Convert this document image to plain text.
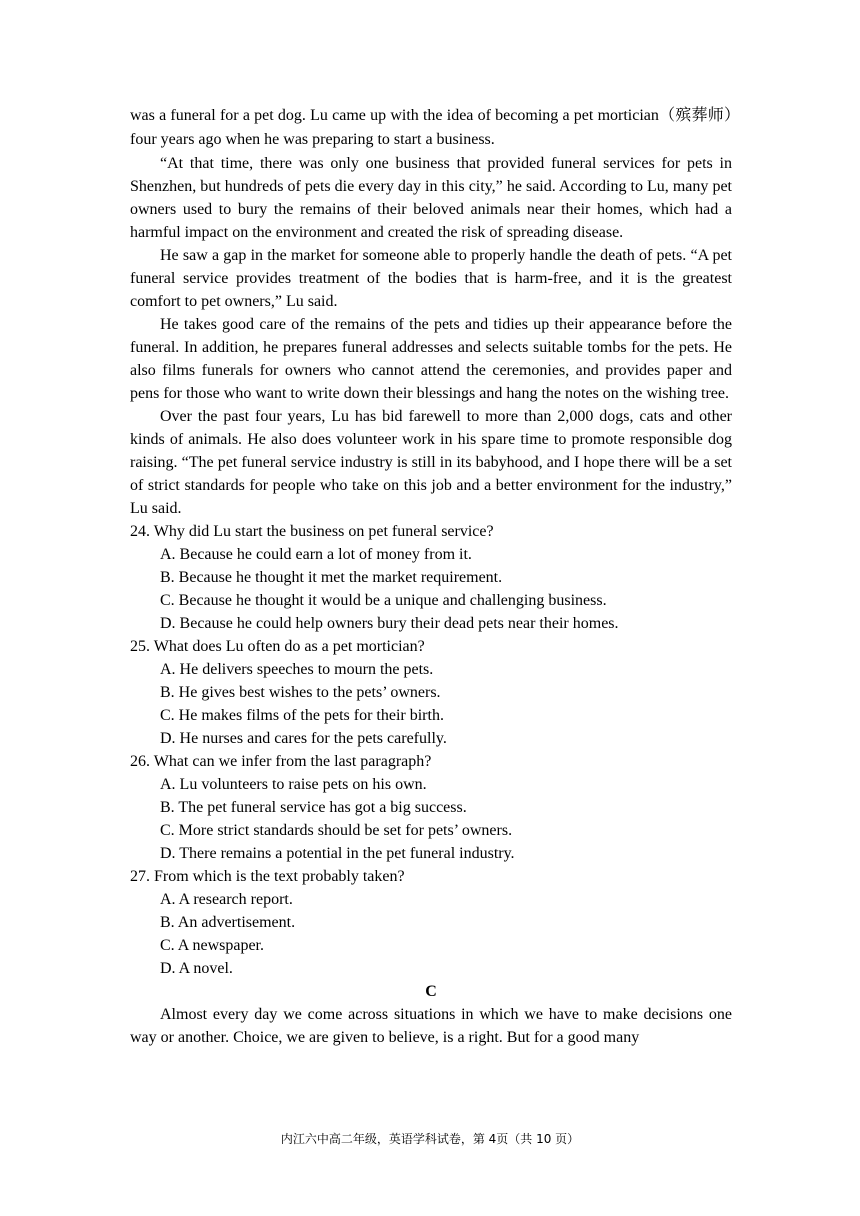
was a funeral for a pet dog. Lu came up with the idea of becoming a pet mortician（殡葬师）four years ago when he was preparing to start a business.

“At that time, there was only one business that provided funeral services for pets in Shenzhen, but hundreds of pets die every day in this city,” he said. According to Lu, many pet owners used to bury the remains of their beloved animals near their homes, which had a harmful impact on the environment and created the risk of spreading disease.

He saw a gap in the market for someone able to properly handle the death of pets. “A pet funeral service provides treatment of the bodies that is harm-free, and it is the greatest comfort to pet owners,” Lu said.

He takes good care of the remains of the pets and tidies up their appearance before the funeral. In addition, he prepares funeral addresses and selects suitable tombs for the pets. He also films funerals for owners who cannot attend the ceremonies, and provides paper and pens for those who want to write down their blessings and hang the notes on the wishing tree.

Over the past four years, Lu has bid farewell to more than 2,000 dogs, cats and other kinds of animals. He also does volunteer work in his spare time to promote responsible dog raising. “The pet funeral service industry is still in its babyhood, and I hope there will be a set of strict standards for people who take on this job and a better environment for the industry,” Lu said.

24. Why did Lu start the business on pet funeral service?

A. Because he could earn a lot of money from it.

B. Because he thought it met the market requirement.

C. Because he thought it would be a unique and challenging business.

D. Because he could help owners bury their dead pets near their homes.

25. What does Lu often do as a pet mortician?

A. He delivers speeches to mourn the pets.

B. He gives best wishes to the pets’ owners.

C. He makes films of the pets for their birth.

D. He nurses and cares for the pets carefully.

26. What can we infer from the last paragraph?

A. Lu volunteers to raise pets on his own.

B. The pet funeral service has got a big success.

C. More strict standards should be set for pets’ owners.

D. There remains a potential in the pet funeral industry.

27. From which is the text probably taken?

A. A research report.

B. An advertisement.

C. A newspaper.

D. A novel.

C

Almost every day we come across situations in which we have to make decisions one way or another. Choice, we are given to believe, is a right. But for a good many

内江六中高二年级，英语学科试卷，第 4页（共 10 页）
